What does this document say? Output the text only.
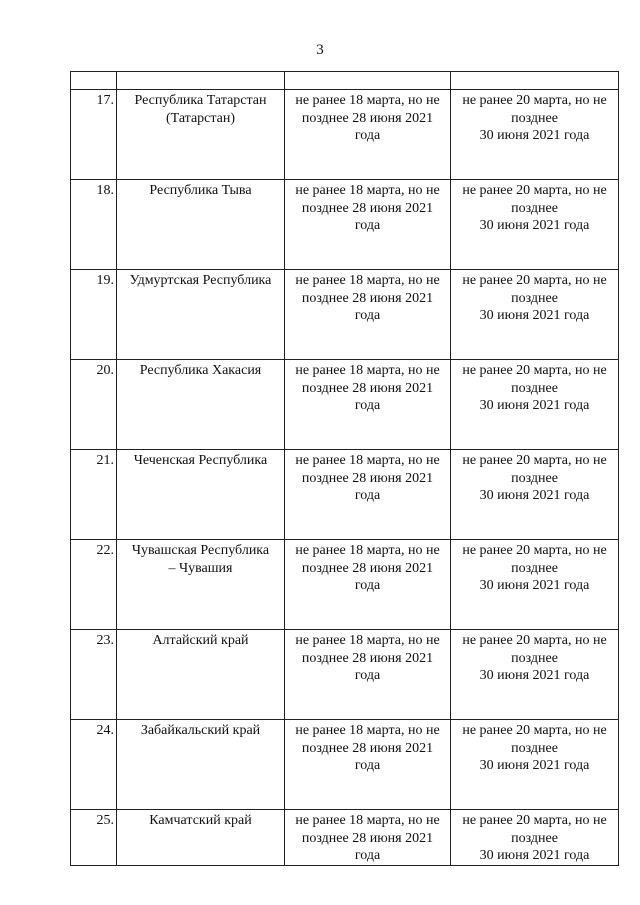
3

17.	Республика Татарстан
(Татарстан)	не ранее 18 марта, но не
позднее 28 июня 2021
года	не ранее 20 марта, но не
позднее
30 июня 2021 года

18.	Республика Тыва	не ранее 18 марта, но не
позднее 28 июня 2021
года	не ранее 20 марта, но не
позднее
30 июня 2021 года

19.	Удмуртская Республика	не ранее 18 марта, но не
позднее 28 июня 2021
года	не ранее 20 марта, но не
позднее
30 июня 2021 года

20.	Республика Хакасия	не ранее 18 марта, но не
позднее 28 июня 2021
года	не ранее 20 марта, но не
позднее
30 июня 2021 года

21.	Чеченская Республика	не ранее 18 марта, но не
позднее 28 июня 2021
года	не ранее 20 марта, но не
позднее
30 июня 2021 года

22.	Чувашская Республика
– Чувашия	не ранее 18 марта, но не
позднее 28 июня 2021
года	не ранее 20 марта, но не
позднее
30 июня 2021 года

23.	Алтайский край	не ранее 18 марта, но не
позднее 28 июня 2021
года	не ранее 20 марта, но не
позднее
30 июня 2021 года

24.	Забайкальский край	не ранее 18 марта, но не
позднее 28 июня 2021
года	не ранее 20 марта, но не
позднее
30 июня 2021 года

25.	Камчатский край	не ранее 18 марта, но не
позднее 28 июня 2021
года	не ранее 20 марта, но не
позднее
30 июня 2021 года
